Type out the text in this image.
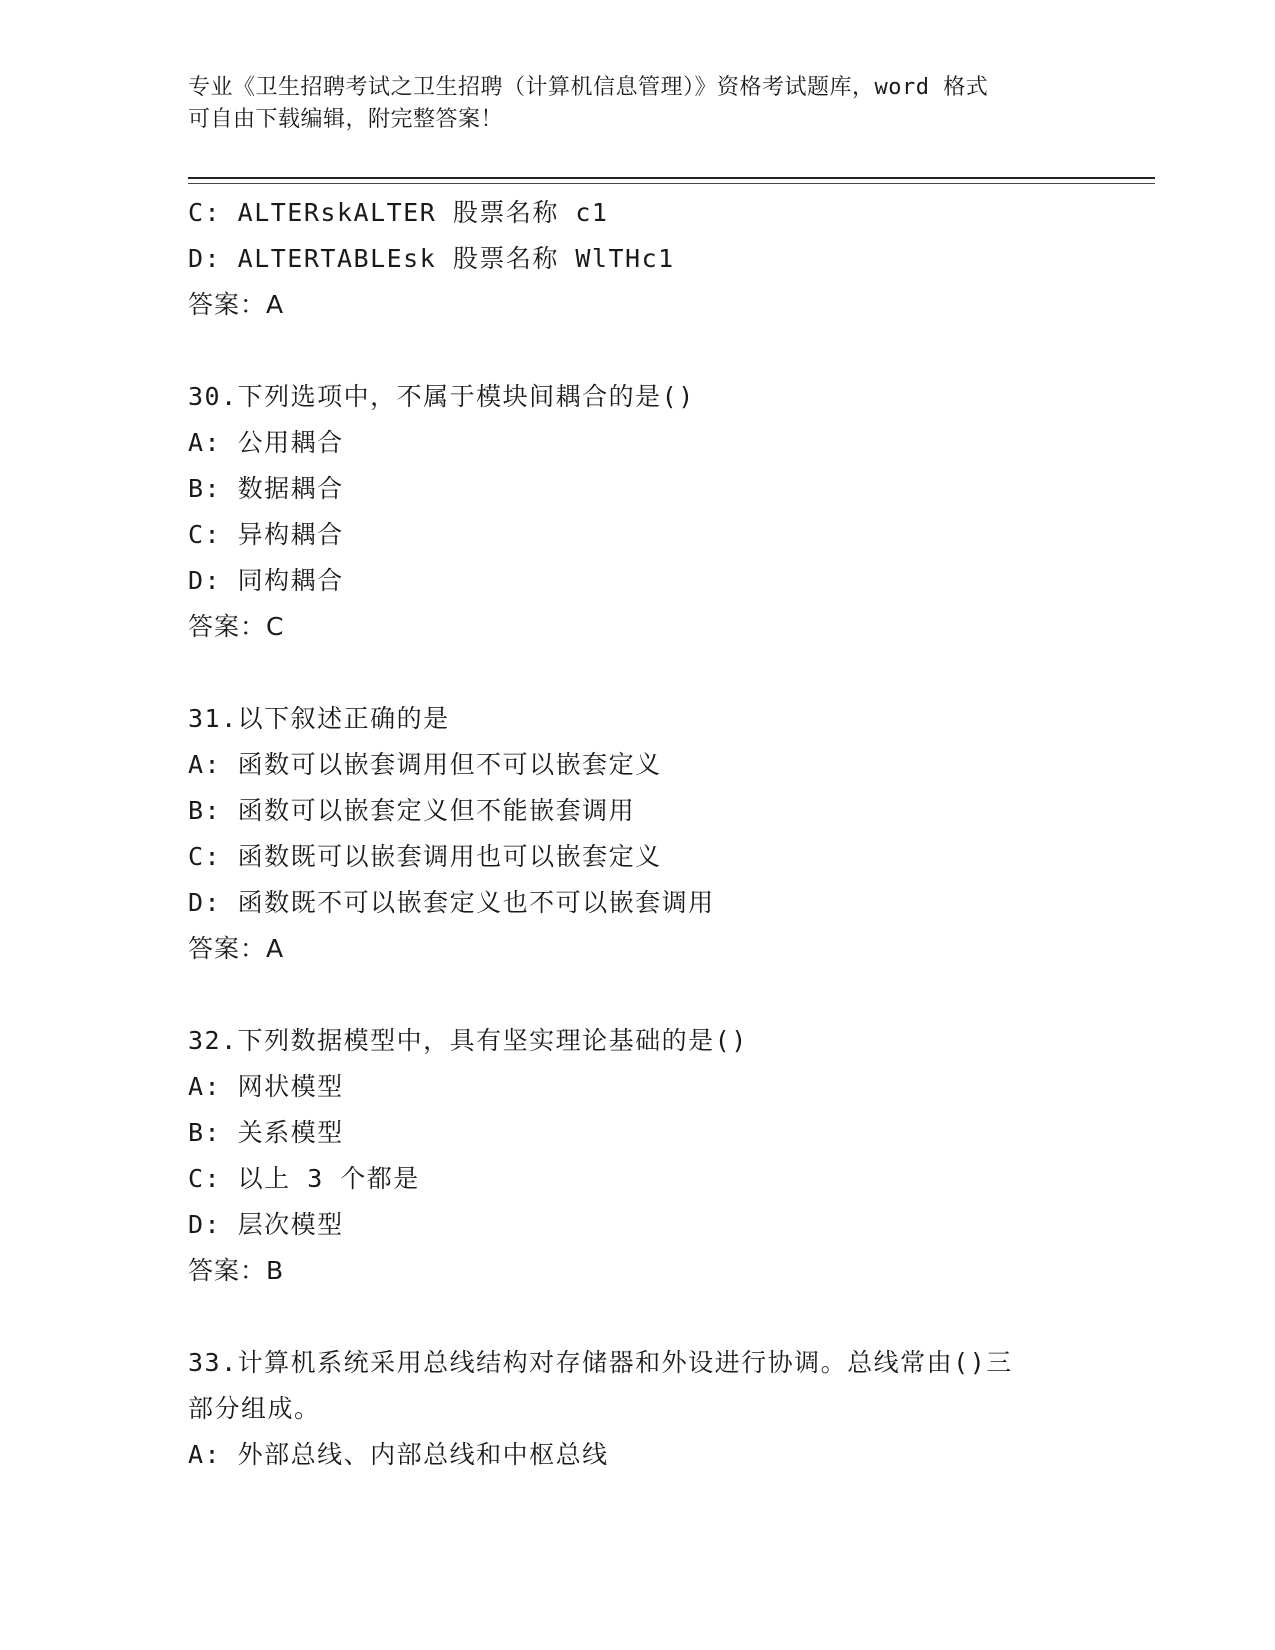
专业《卫生招聘考试之卫生招聘（计算机信息管理）》资格考试题库，word 格式
可自由下载编辑，附完整答案！
C: ALTERskALTER 股票名称 c1
D: ALTERTABLEsk 股票名称 WlTHc1
答案：A
30.下列选项中，不属于模块间耦合的是()
A: 公用耦合
B: 数据耦合
C: 异构耦合
D: 同构耦合
答案：C
31.以下叙述正确的是
A: 函数可以嵌套调用但不可以嵌套定义
B: 函数可以嵌套定义但不能嵌套调用
C: 函数既可以嵌套调用也可以嵌套定义
D: 函数既不可以嵌套定义也不可以嵌套调用
答案：A
32.下列数据模型中，具有坚实理论基础的是()
A: 网状模型
B: 关系模型
C: 以上 3 个都是
D: 层次模型
答案：B
33.计算机系统采用总线结构对存储器和外设进行协调。总线常由()三
部分组成。
A: 外部总线、内部总线和中枢总线
